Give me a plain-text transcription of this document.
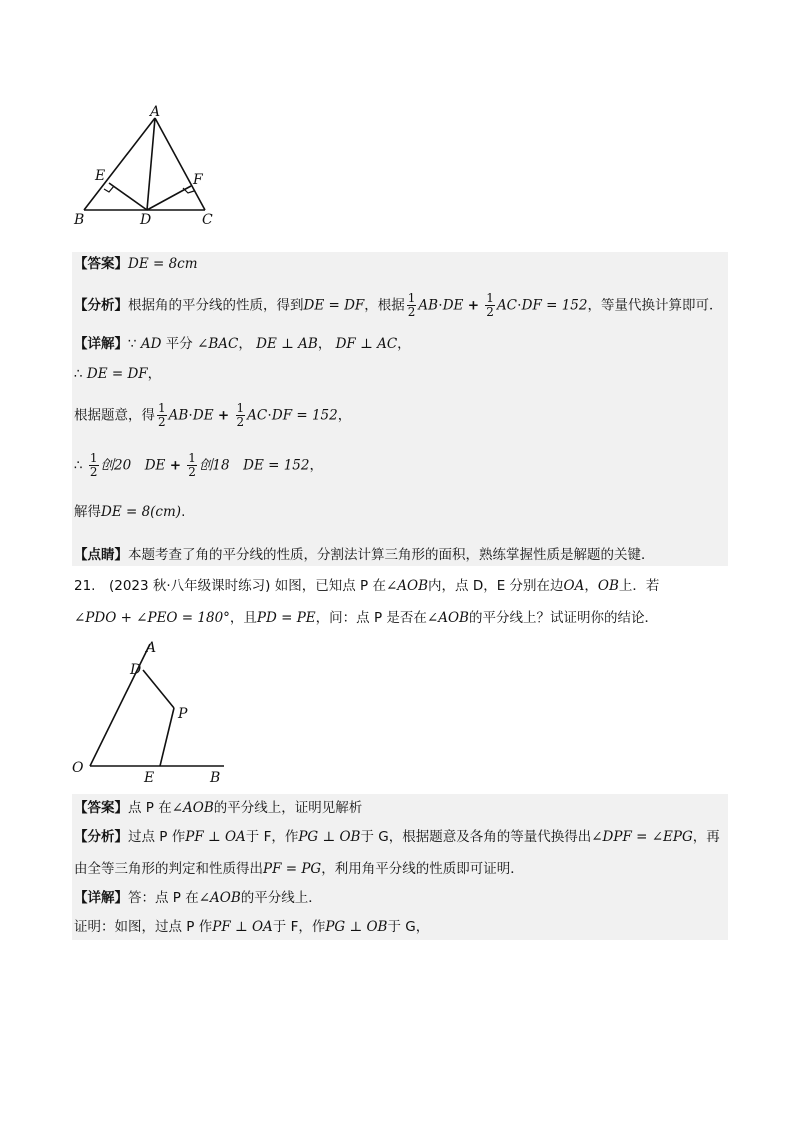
A
B	C
D
E	F
【答案】DE = 8cm
【分析】根据角的平分线的性质，得到DE = DF，根据 $\frac{1}{2} AB\cdot DE + \frac{1}{2} AC\cdot DF = 152$，等量代换计算即可．
【详解】∵ AD 平分 ∠BAC， DE ⊥ AB， DF ⊥ AC，
∴ DE = DF，
根据题意，得 $\frac{1}{2} AB\cdot DE + \frac{1}{2} AC\cdot DF = 152$，
∴ $\frac{1}{2}$ 创20　DE + $\frac{1}{2}$ 创18　DE = 152，
解得DE = 8(cm).
【点睛】本题考查了角的平分线的性质，分割法计算三角形的面积，熟练掌握性质是解题的关键．
21.　(2023 秋·八年级课时练习) 如图，已知点 P 在∠AOB内，点 D，E 分别在边OA，OB上．若
∠PDO + ∠PEO = 180°，且PD = PE，问：点 P 是否在∠AOB的平分线上？试证明你的结论．
A
D
P
O
E	B
【答案】点 P 在∠AOB的平分线上，证明见解析
【分析】过点 P 作PF ⊥ OA于 F，作PG ⊥ OB于 G，根据题意及各角的等量代换得出∠DPF = ∠EPG，再
由全等三角形的判定和性质得出PF = PG，利用角平分线的性质即可证明．
【详解】答：点 P 在∠AOB的平分线上．
证明：如图，过点 P 作PF ⊥ OA于 F，作PG ⊥ OB于 G，
